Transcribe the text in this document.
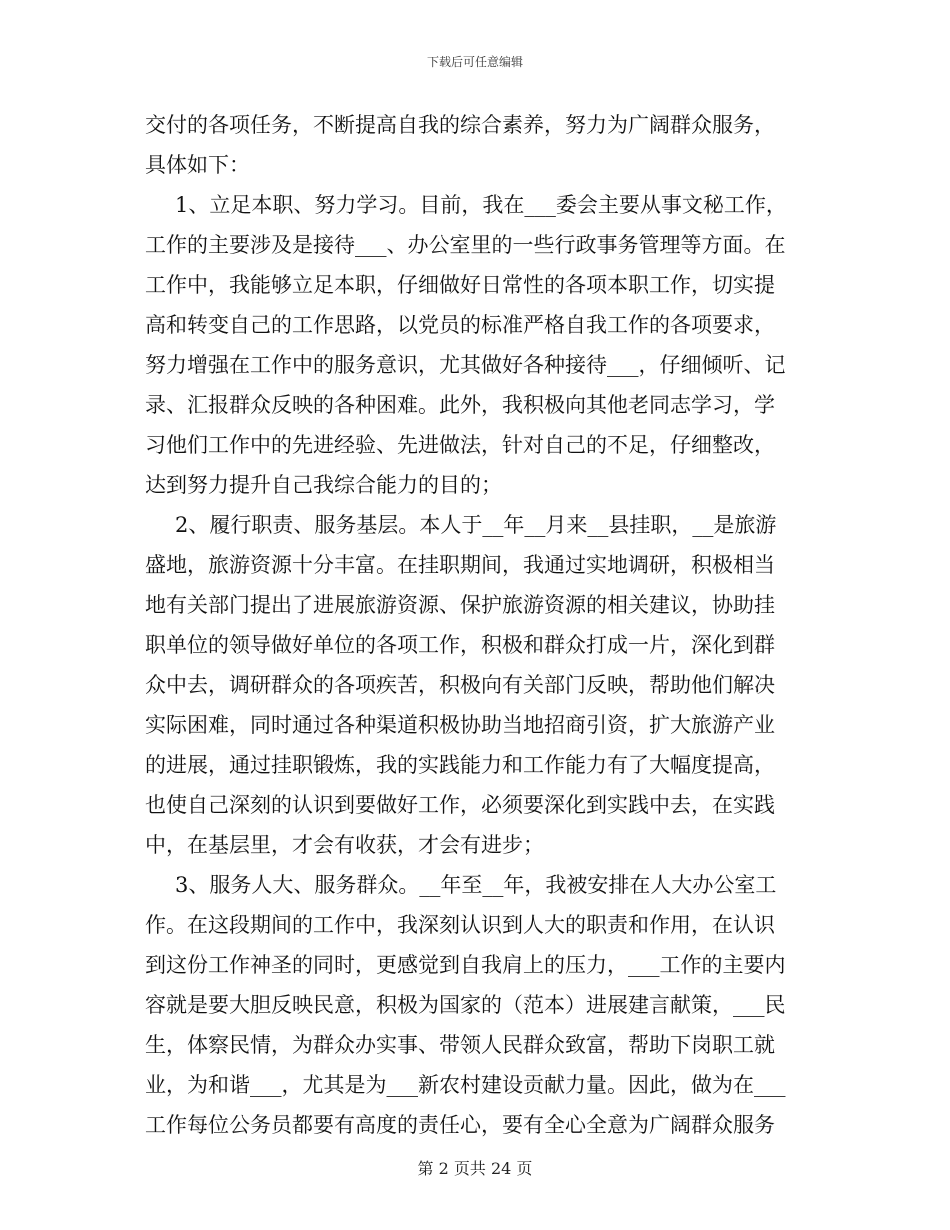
下载后可任意编辑
交付的各项任务，不断提高自我的综合素养，努力为广阔群众服务，
具体如下：
1、立足本职、努力学习。目前，我在___委会主要从事文秘工作，
工作的主要涉及是接待___、办公室里的一些行政事务管理等方面。在
工作中，我能够立足本职，仔细做好日常性的各项本职工作，切实提
高和转变自己的工作思路，以党员的标准严格自我工作的各项要求，
努力增强在工作中的服务意识，尤其做好各种接待___，仔细倾听、记
录、汇报群众反映的各种困难。此外，我积极向其他老同志学习，学
习他们工作中的先进经验、先进做法，针对自己的不足，仔细整改，
达到努力提升自己我综合能力的目的；
2、履行职责、服务基层。本人于__年__月来__县挂职，__是旅游
盛地，旅游资源十分丰富。在挂职期间，我通过实地调研，积极相当
地有关部门提出了进展旅游资源、保护旅游资源的相关建议，协助挂
职单位的领导做好单位的各项工作，积极和群众打成一片，深化到群
众中去，调研群众的各项疾苦，积极向有关部门反映，帮助他们解决
实际困难，同时通过各种渠道积极协助当地招商引资，扩大旅游产业
的进展，通过挂职锻炼，我的实践能力和工作能力有了大幅度提高，
也使自己深刻的认识到要做好工作，必须要深化到实践中去，在实践
中，在基层里，才会有收获，才会有进步；
3、服务人大、服务群众。__年至__年，我被安排在人大办公室工
作。在这段期间的工作中，我深刻认识到人大的职责和作用，在认识
到这份工作神圣的同时，更感觉到自我肩上的压力，___工作的主要内
容就是要大胆反映民意，积极为国家的（范本）进展建言献策，___民
生，体察民情，为群众办实事、带领人民群众致富，帮助下岗职工就
业，为和谐___，尤其是为___新农村建设贡献力量。因此，做为在___
工作每位公务员都要有高度的责任心，要有全心全意为广阔群众服务
第 2 页共 24 页
